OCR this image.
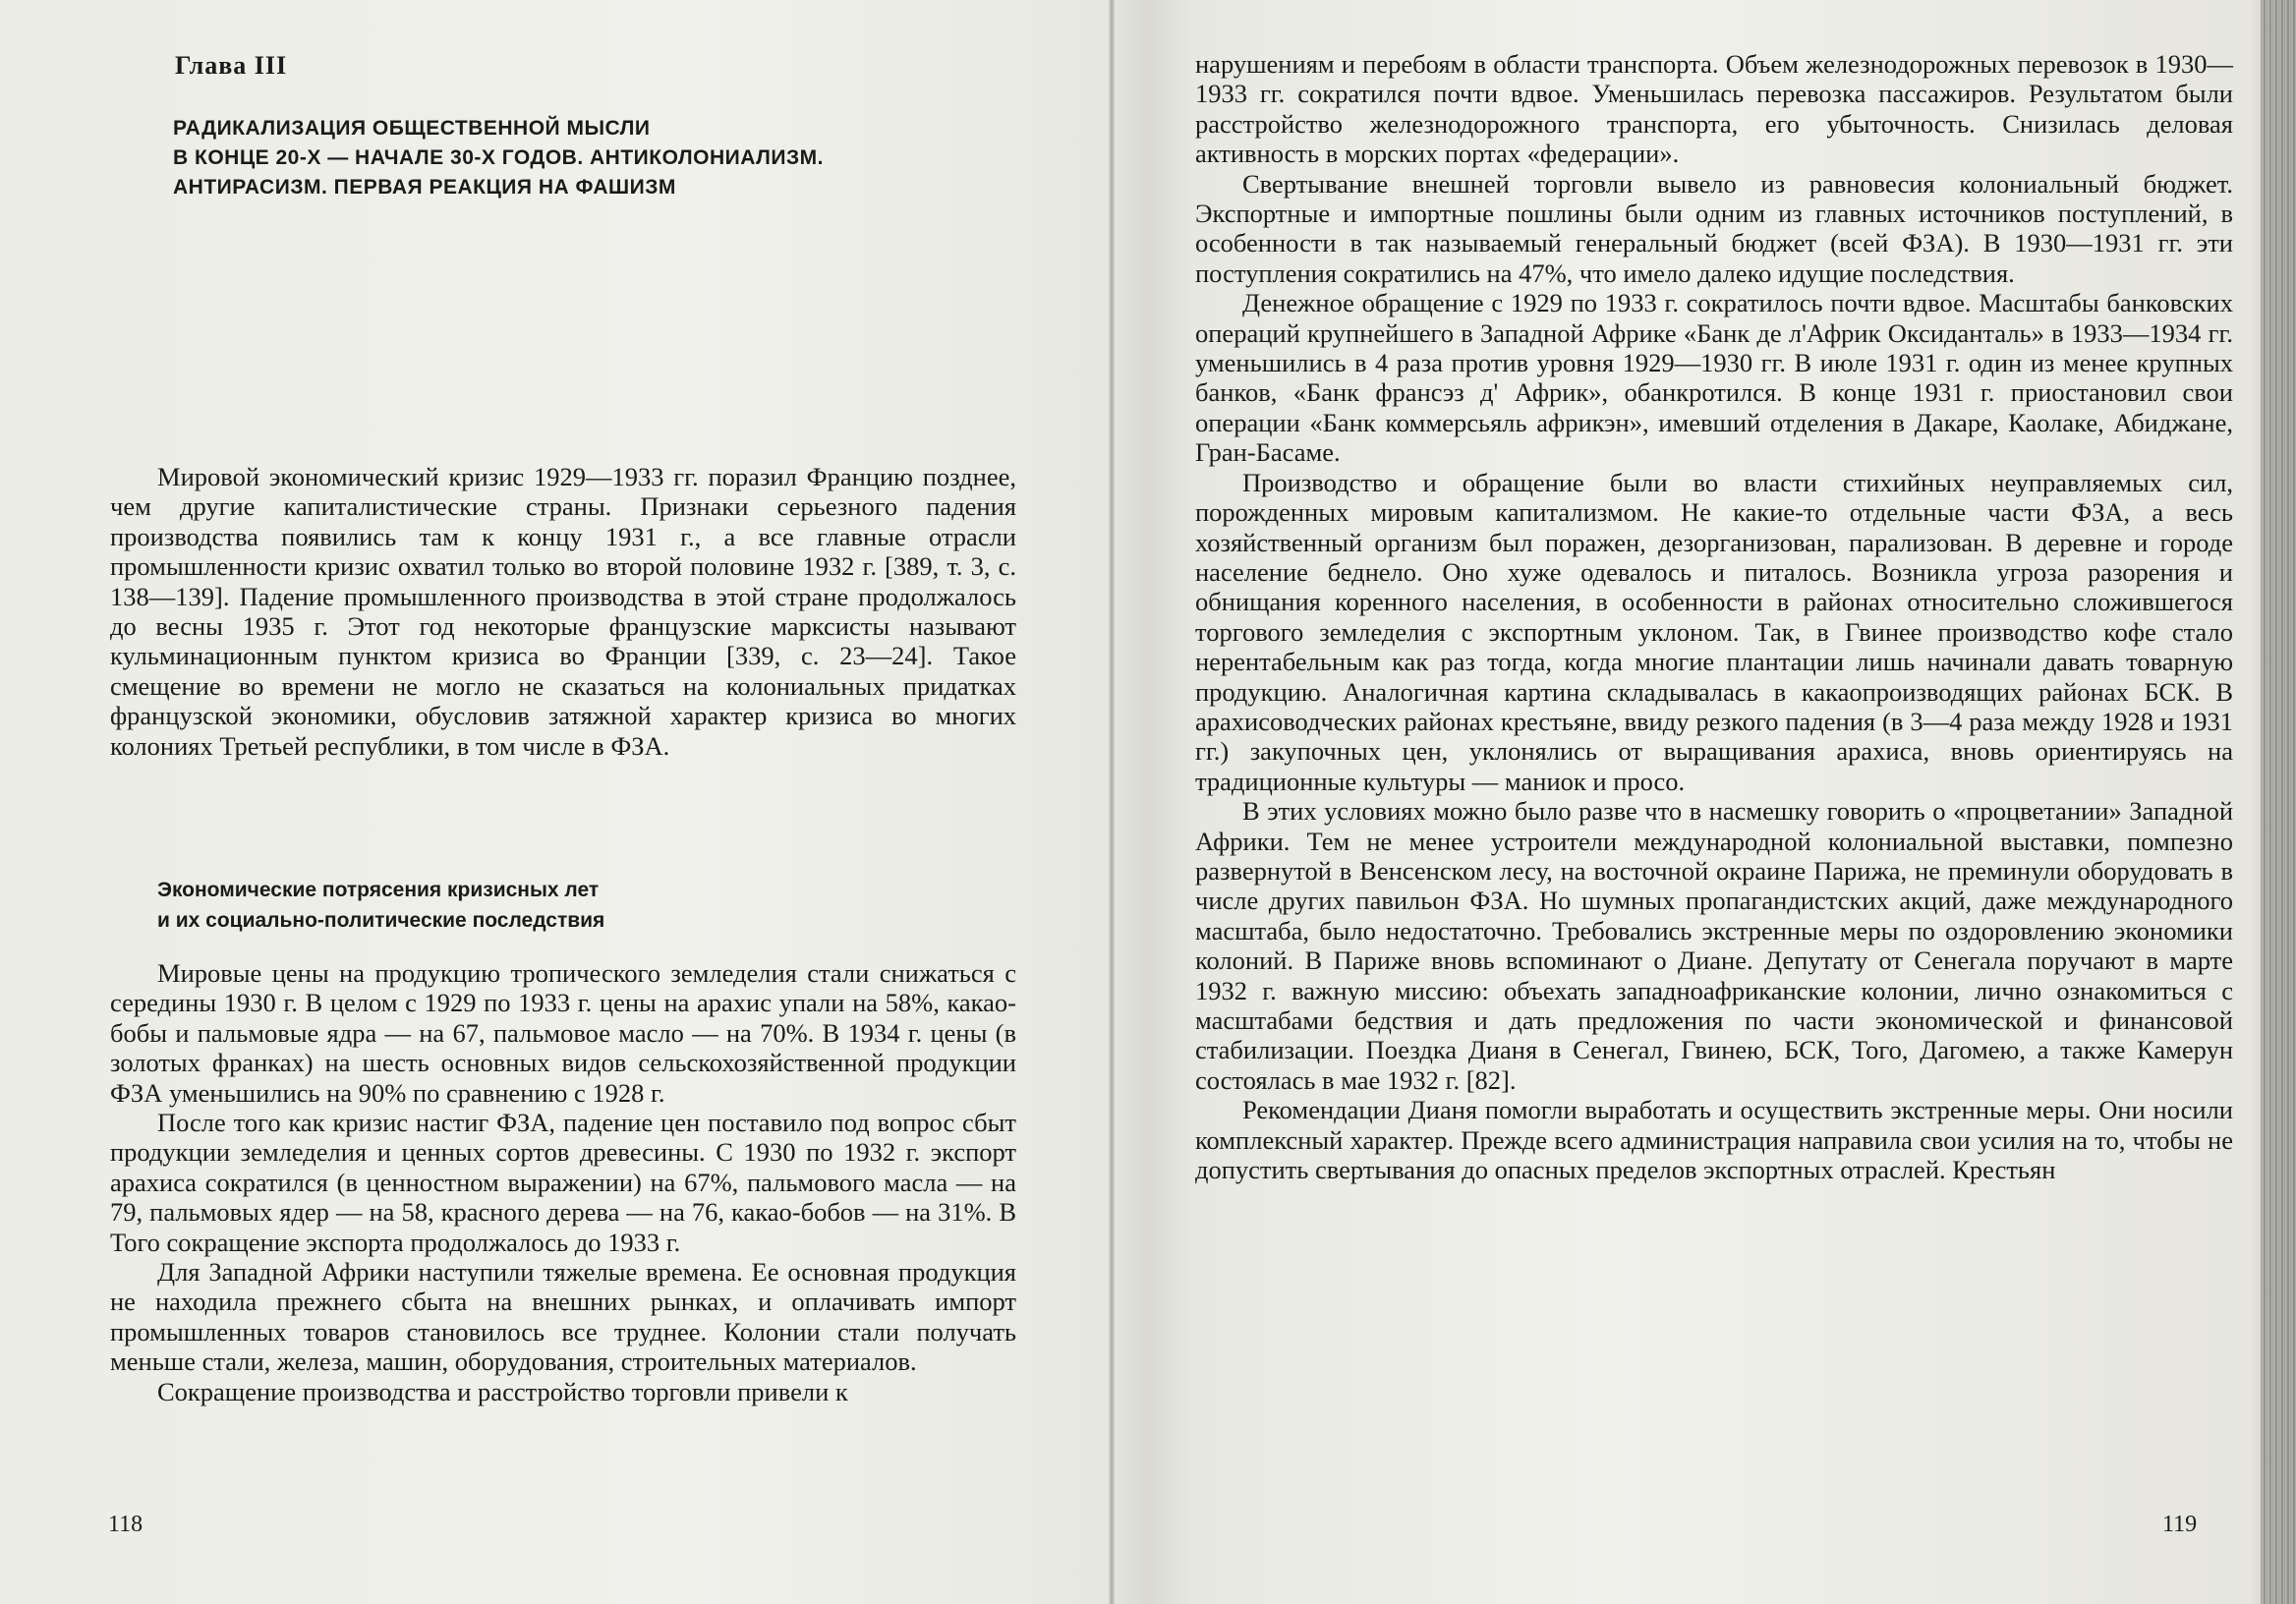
Глава III
РАДИКАЛИЗАЦИЯ ОБЩЕСТВЕННОЙ МЫСЛИ
В КОНЦЕ 20-Х — НАЧАЛЕ 30-Х ГОДОВ. АНТИКОЛОНИАЛИЗМ.
АНТИРАСИЗМ. ПЕРВАЯ РЕАКЦИЯ НА ФАШИЗМ

Мировой экономический кризис 1929—1933 гг. поразил Францию позднее, чем другие капиталистические страны. Признаки серьезного падения производства появились там к концу 1931 г., а все главные отрасли промышленности кризис охватил только во второй половине 1932 г. [389, т. 3, с. 138—139]. Падение промышленного производства в этой стране продолжалось до весны 1935 г. Этот год некоторые французские марксисты называют кульминационным пунктом кризиса во Франции [339, с. 23—24]. Такое смещение во времени не могло не сказаться на колониальных придатках французской экономики, обусловив затяжной характер кризиса во многих колониях Третьей республики, в том числе в ФЗА.

Экономические потрясения кризисных лет
и их социально-политические последствия

Мировые цены на продукцию тропического земледелия стали снижаться с середины 1930 г. В целом с 1929 по 1933 г. цены на арахис упали на 58%, какао-бобы и пальмовые ядра — на 67, пальмовое масло — на 70%. В 1934 г. цены (в золотых франках) на шесть основных видов сельскохозяйственной продукции ФЗА уменьшились на 90% по сравнению с 1928 г.

После того как кризис настиг ФЗА, падение цен поставило под вопрос сбыт продукции земледелия и ценных сортов древесины. С 1930 по 1932 г. экспорт арахиса сократился (в ценностном выражении) на 67%, пальмового масла — на 79, пальмовых ядер — на 58, красного дерева — на 76, какао-бобов — на 31%. В Того сокращение экспорта продолжалось до 1933 г.

Для Западной Африки наступили тяжелые времена. Ее основная продукция не находила прежнего сбыта на внешних рынках, и оплачивать импорт промышленных товаров становилось все труднее. Колонии стали получать меньше стали, железа, машин, оборудования, строительных материалов.

Сокращение производства и расстройство торговли привели к

118

нарушениям и перебоям в области транспорта. Объем железнодорожных перевозок в 1930—1933 гг. сократился почти вдвое. Уменьшилась перевозка пассажиров. Результатом были расстройство железнодорожного транспорта, его убыточность. Снизилась деловая активность в морских портах «федерации».

Свертывание внешней торговли вывело из равновесия колониальный бюджет. Экспортные и импортные пошлины были одним из главных источников поступлений, в особенности в так называемый генеральный бюджет (всей ФЗА). В 1930—1931 гг. эти поступления сократились на 47%, что имело далеко идущие последствия.

Денежное обращение с 1929 по 1933 г. сократилось почти вдвое. Масштабы банковских операций крупнейшего в Западной Африке «Банк де л'Африк Оксиданталь» в 1933—1934 гг. уменьшились в 4 раза против уровня 1929—1930 гг. В июле 1931 г. один из менее крупных банков, «Банк франсэз д' Африк», обанкротился. В конце 1931 г. приостановил свои операции «Банк коммерсьяль африкэн», имевший отделения в Дакаре, Каолаке, Абиджане, Гран-Басаме.

Производство и обращение были во власти стихийных неуправляемых сил, порожденных мировым капитализмом. Не какие-то отдельные части ФЗА, а весь хозяйственный организм был поражен, дезорганизован, парализован. В деревне и городе население беднело. Оно хуже одевалось и питалось. Возникла угроза разорения и обнищания коренного населения, в особенности в районах относительно сложившегося торгового земледелия с экспортным уклоном. Так, в Гвинее производство кофе стало нерентабельным как раз тогда, когда многие плантации лишь начинали давать товарную продукцию. Аналогичная картина складывалась в какаопроизводящих районах БСК. В арахисоводческих районах крестьяне, ввиду резкого падения (в 3—4 раза между 1928 и 1931 гг.) закупочных цен, уклонялись от выращивания арахиса, вновь ориентируясь на традиционные культуры — маниок и просо.

В этих условиях можно было разве что в насмешку говорить о «процветании» Западной Африки. Тем не менее устроители международной колониальной выставки, помпезно развернутой в Венсенском лесу, на восточной окраине Парижа, не преминули оборудовать в числе других павильон ФЗА. Но шумных пропагандистских акций, даже международного масштаба, было недостаточно. Требовались экстренные меры по оздоровлению экономики колоний. В Париже вновь вспоминают о Диане. Депутату от Сенегала поручают в марте 1932 г. важную миссию: объехать западноафриканские колонии, лично ознакомиться с масштабами бедствия и дать предложения по части экономической и финансовой стабилизации. Поездка Дианя в Сенегал, Гвинею, БСК, Того, Дагомею, а также Камерун состоялась в мае 1932 г. [82].

Рекомендации Дианя помогли выработать и осуществить экстренные меры. Они носили комплексный характер. Прежде всего администрация направила свои усилия на то, чтобы не допустить свертывания до опасных пределов экспортных отраслей. Крестьян

119
